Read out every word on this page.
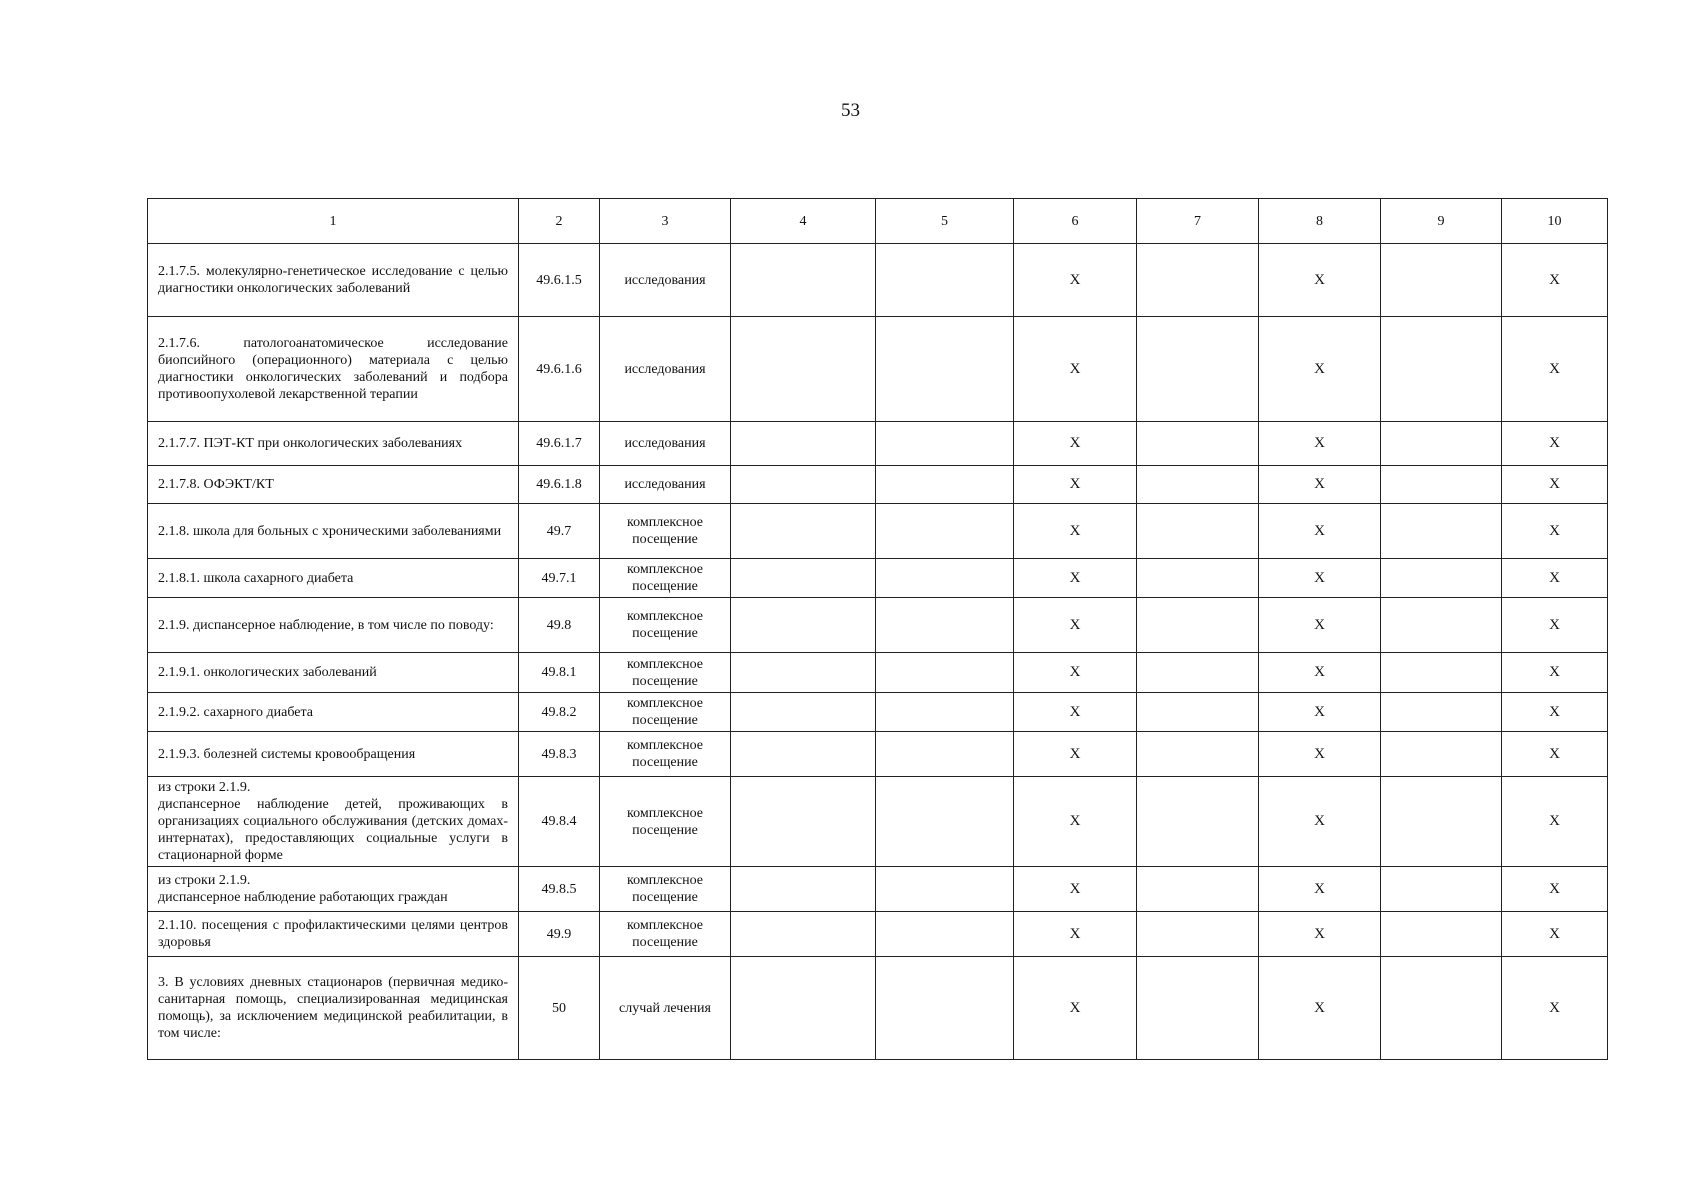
53
1	2	3	4	5	6	7	8	9	10
2.1.7.5. молекулярно-генетическое исследование с целью диагностики онкологических заболеваний	49.6.1.5	исследования			X		X		X
2.1.7.6. патологоанатомическое исследование биопсийного (операционного) материала с целью диагностики онкологических заболеваний и подбора противоопухолевой лекарственной терапии	49.6.1.6	исследования			X		X		X
2.1.7.7. ПЭТ-КТ при онкологических заболеваниях	49.6.1.7	исследования			X		X		X
2.1.7.8. ОФЭКТ/КТ	49.6.1.8	исследования			X		X		X
2.1.8. школа для больных с хроническими заболеваниями	49.7	комплексное посещение			X		X		X
2.1.8.1. школа сахарного диабета	49.7.1	комплексное посещение			X		X		X
2.1.9. диспансерное наблюдение, в том числе по поводу:	49.8	комплексное посещение			X		X		X
2.1.9.1. онкологических заболеваний	49.8.1	комплексное посещение			X		X		X
2.1.9.2. сахарного диабета	49.8.2	комплексное посещение			X		X		X
2.1.9.3. болезней системы кровообращения	49.8.3	комплексное посещение			X		X		X
из строки 2.1.9.
диспансерное наблюдение детей, проживающих в организациях социального обслуживания (детских домах-интернатах), предоставляющих социальные услуги в стационарной форме	49.8.4	комплексное посещение			X		X		X
из строки 2.1.9.
диспансерное наблюдение работающих граждан	49.8.5	комплексное посещение			X		X		X
2.1.10. посещения с профилактическими целями центров здоровья	49.9	комплексное посещение			X		X		X
3. В условиях дневных стационаров (первичная медико-санитарная помощь, специализированная медицинская помощь), за исключением медицинской реабилитации, в том числе:	50	случай лечения			X		X		X
